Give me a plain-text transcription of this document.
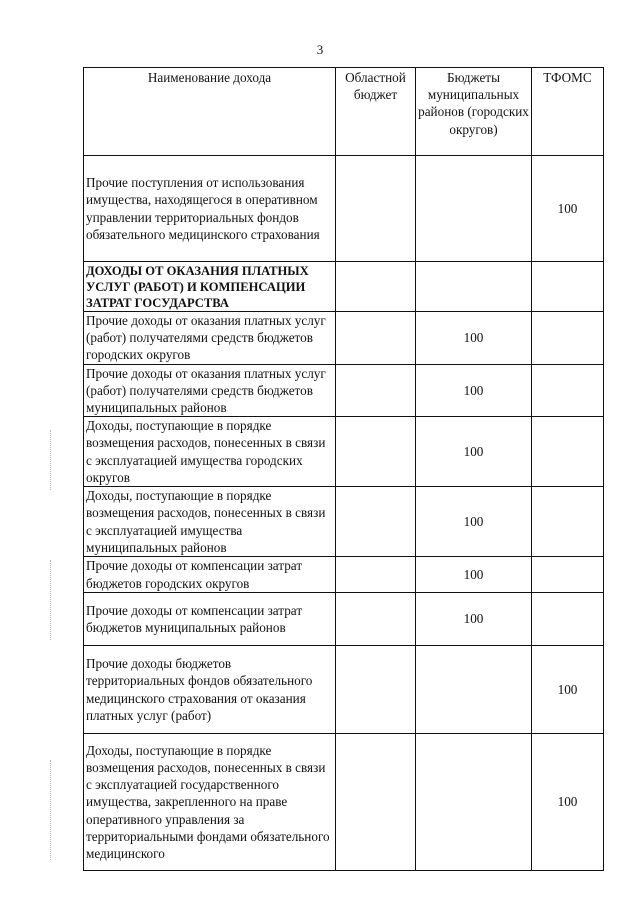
3
Наименование дохода	Областной бюджет	Бюджеты муниципальных районов (городских округов)	ТФОМС
Прочие поступления от использования имущества, находящегося в оперативном управлении территориальных фондов обязательного медицинского страхования			100
ДОХОДЫ ОТ ОКАЗАНИЯ ПЛАТНЫХ УСЛУГ (РАБОТ) И КОМПЕНСАЦИИ ЗАТРАТ ГОСУДАРСТВА			
Прочие доходы от оказания платных услуг (работ) получателями средств бюджетов городских округов		100	
Прочие доходы от оказания платных услуг (работ) получателями средств бюджетов муниципальных районов		100	
Доходы, поступающие в порядке возмещения расходов, понесенных в связи с эксплуатацией имущества городских округов		100	
Доходы, поступающие в порядке возмещения расходов, понесенных в связи с эксплуатацией имущества муниципальных районов		100	
Прочие доходы от компенсации затрат бюджетов городских округов		100	
Прочие доходы от компенсации затрат бюджетов муниципальных районов		100	
Прочие доходы бюджетов территориальных фондов обязательного медицинского страхования от оказания платных услуг (работ)			100
Доходы, поступающие в порядке возмещения расходов, понесенных в связи с эксплуатацией государственного имущества, закрепленного на праве оперативного управления за территориальными фондами обязательного медицинского			100
